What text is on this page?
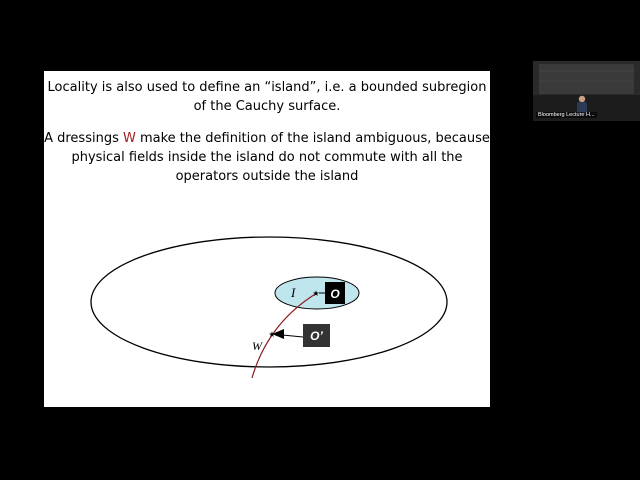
Locality is also used to define an “island”, i.e. a bounded subregion
of the Cauchy surface.
A dressings W make the definition of the island ambiguous, because
physical fields inside the island do not commute with all the
operators outside the island
O
O’
I
W
★
★
Bloomberg Lecture H...
